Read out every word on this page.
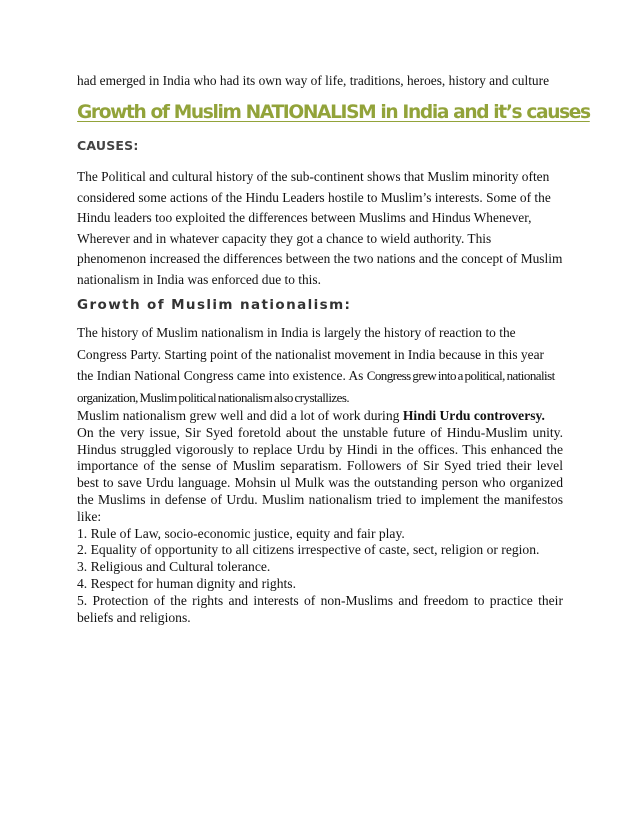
had emerged in India who had its own way of life, traditions, heroes, history and culture

Growth of Muslim NATIONALISM in India and it’s causes
CAUSES:

The Political and cultural history of the sub-continent shows that Muslim minority often considered some actions of the Hindu Leaders hostile to Muslim’s interests. Some of the Hindu leaders too exploited the differences between Muslims and Hindus Whenever, Wherever and in whatever capacity they got a chance to wield authority. This phenomenon increased the differences between the two nations and the concept of Muslim nationalism in India was enforced due to this.

Growth of Muslim nationalism:

The history of Muslim nationalism in India is largely the history of reaction to the Congress Party. Starting point of the nationalist movement in India because in this year the Indian National Congress came into existence. As Congress grew into a political, nationalist organization, Muslim political nationalism also crystallizes.

Muslim nationalism grew well and did a lot of work during Hindi Urdu controversy.

On the very issue, Sir Syed foretold about the unstable future of Hindu-Muslim unity. Hindus struggled vigorously to replace Urdu by Hindi in the offices. This enhanced the importance of the sense of Muslim separatism. Followers of Sir Syed tried their level best to save Urdu language. Mohsin ul Mulk was the outstanding person who organized the Muslims in defense of Urdu. Muslim nationalism tried to implement the manifestos like:

1. Rule of Law, socio-economic justice, equity and fair play.

2. Equality of opportunity to all citizens irrespective of caste, sect, religion or region.

3. Religious and Cultural tolerance.

4. Respect for human dignity and rights.

5. Protection of the rights and interests of non-Muslims and freedom to practice their beliefs and religions.
